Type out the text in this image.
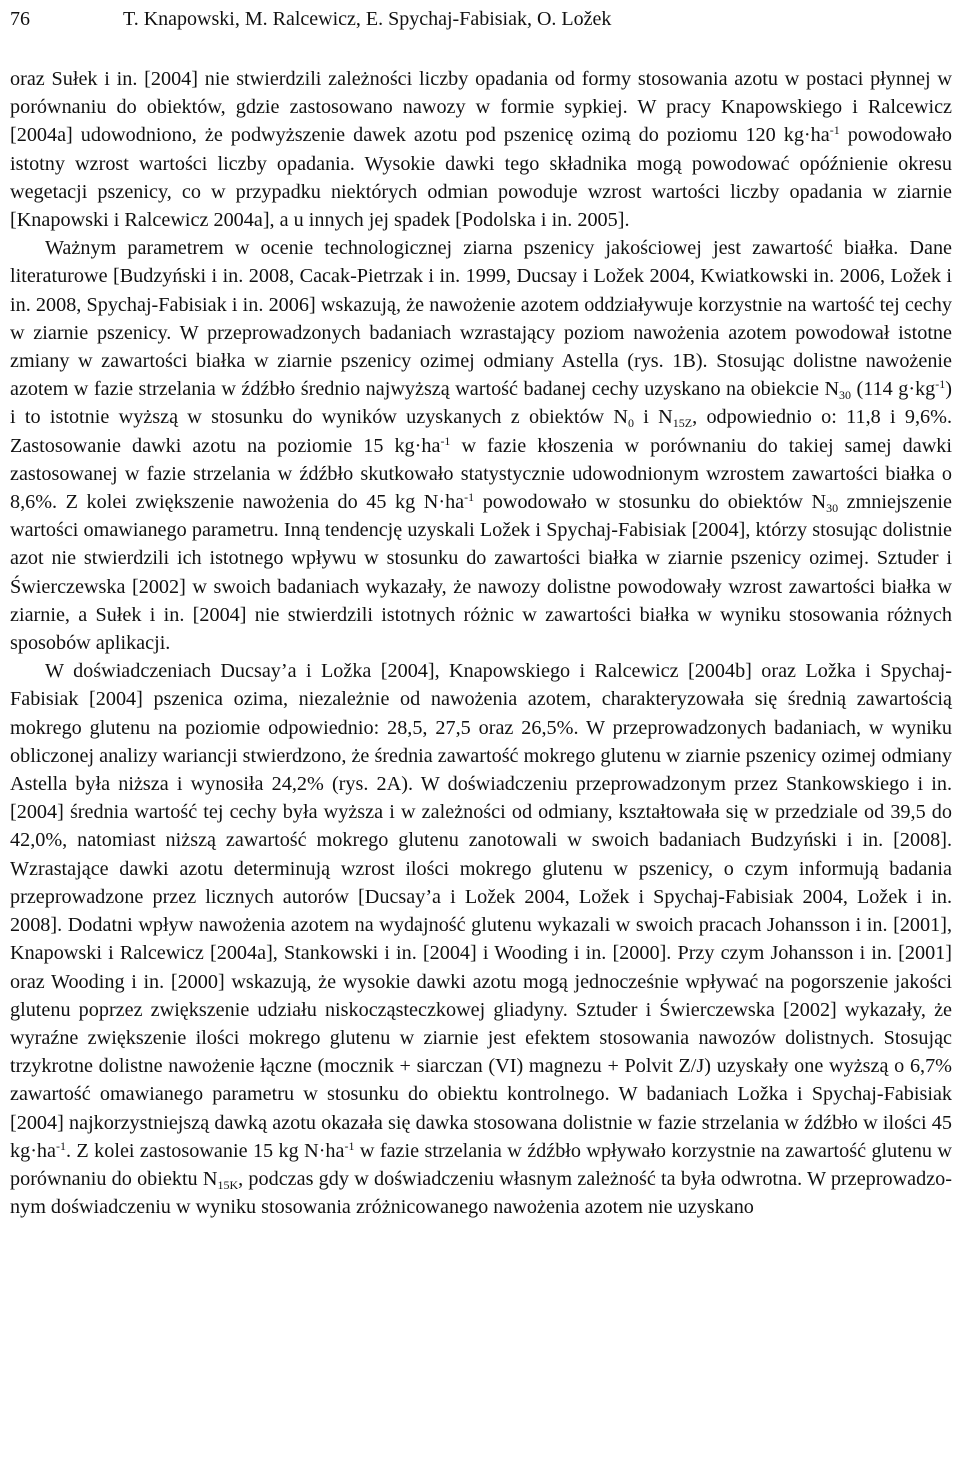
76	T. Knapowski, M. Ralcewicz, E. Spychaj-Fabisiak, O. Ložek

oraz Sułek i in. [2004] nie stwierdzili zależności liczby opadania od formy stosowania azotu w postaci płynnej w porównaniu do obiektów, gdzie zastosowano nawozy w formie sypkiej. W pracy Knapowskiego i Ralcewicz [2004a] udowodniono, że podwyższenie dawek azotu pod pszenicę ozimą do poziomu 120 $kg\cdot ha^{-1}$ powodowało istotny wzrost wartości liczby opadania. Wysokie dawki tego składnika mogą powodować opóźnienie okresu wegetacji pszenicy, co w przypadku niektórych odmian powoduje wzrost wartości liczby opadania w ziarnie [Knapowski i Ralcewicz 2004a], a u innych jej spadek [Podolska i in. 2005].

Ważnym parametrem w ocenie technologicznej ziarna pszenicy jakościowej jest zawartość białka. Dane literaturowe [Budzyński i in. 2008, Cacak-Pietrzak i in. 1999, Ducsay i Ložek 2004, Kwiatkowski in. 2006, Ložek i in. 2008, Spychaj-Fabisiak i in. 2006] wskazują, że nawożenie azotem oddziaływuje korzystnie na wartość tej cechy w ziarnie pszenicy. W przeprowadzonych badaniach wzrastający poziom nawożenia azotem powodował istotne zmiany w zawartości białka w ziarnie pszenicy ozimej odmiany Astella (rys. 1B). Stosując dolistne nawożenie azotem w fazie strzelania w źdźbło średnio najwyższą wartość badanej cechy uzyskano na obiekcie $N_{30}$ (114 $g\cdot kg^{-1}$) i to istotnie wyższą w stosunku do wyników uzyskanych z obiektów $N_0$ i $N_{15Z}$, odpowiednio o: 11,8 i 9,6%. Zastosowanie dawki azotu na poziomie 15 $kg\cdot ha^{-1}$ w fazie kłoszenia w porównaniu do takiej samej dawki zastosowanej w fazie strzelania w źdźbło skutkowało statystycznie udowodnionym wzrostem zawartości białka o 8,6%. Z kolei zwiększenie nawożenia do 45 kg $N\cdot ha^{-1}$ powodowało w stosunku do obiektów $N_{30}$ zmniejszenie wartości omawianego parametru. Inną tendencję uzyskali Ložek i Spychaj-Fabisiak [2004], którzy stosując dolistnie azot nie stwierdzili ich istotnego wpływu w stosunku do zawartości białka w ziarnie pszenicy ozimej. Sztuder i Świerczewska [2002] w swoich badaniach wykazały, że nawozy dolistne powodowały wzrost zawartości białka w ziarnie, a Sułek i in. [2004] nie stwierdzili istotnych różnic w zawartości białka w wyniku stosowania różnych sposobów aplikacji.

W doświadczeniach Ducsay’a i Ložka [2004], Knapowskiego i Ralcewicz [2004b] oraz Ložka i Spychaj-Fabisiak [2004] pszenica ozima, niezależnie od nawożenia azotem, charakteryzowała się średnią zawartością mokrego glutenu na poziomie odpowiednio: 28,5, 27,5 oraz 26,5%. W przeprowadzonych badaniach, w wyniku obliczonej analizy wariancji stwierdzono, że średnia zawartość mokrego glutenu w ziarnie pszenicy ozimej odmiany Astella była niższa i wynosiła 24,2% (rys. 2A). W doświadczeniu przeprowadzonym przez Stankowskiego i in. [2004] średnia wartość tej cechy była wyższa i w zależności od odmiany, kształtowała się w przedziale od 39,5 do 42,0%, natomiast niższą zawartość mokrego glutenu zanotowali w swoich badaniach Budzyński i in. [2008]. Wzrastające dawki azotu determinują wzrost ilości mokrego glutenu w pszenicy, o czym informują badania przeprowadzone przez licznych autorów [Ducsay’a i Ložek 2004, Ložek i Spychaj-Fabisiak 2004, Ložek i in. 2008]. Dodatni wpływ nawożenia azotem na wydajność glutenu wykazali w swoich pracach Johansson i in. [2001], Knapowski i Ralcewicz [2004a], Stankowski i in. [2004] i Wooding i in. [2000]. Przy czym Johansson i in. [2001] oraz Wooding i in. [2000] wskazują, że wysokie dawki azotu mogą jednocześnie wpływać na pogorszenie jakości glutenu poprzez zwiększenie udziału niskocząsteczkowej gliadyny. Sztuder i Świerczewska [2002] wykazały, że wyraźne zwiększenie ilości mokrego glutenu w ziarnie jest efektem stosowania nawozów dolistnych. Stosując trzykrotne dolistne nawożenie łączne (mocznik + siarczan (VI) magnezu + Polvit Z/J) uzyskały one wyższą o 6,7% zawartość omawianego parametru w stosunku do obiektu kontrolnego. W badaniach Ložka i Spychaj-Fabisiak [2004] najkorzystniejszą dawką azotu okazała się dawka stosowana dolistnie w fazie strzelania w źdźbło w ilości 45 $kg\cdot ha^{-1}$. Z kolei zastosowanie 15 kg $N\cdot ha^{-1}$ w fazie strzelania w źdźbło wpływało korzystnie na zawartość glutenu w porównaniu do obiektu $N_{15K}$, podczas gdy w doświadczeniu własnym zależność ta była odwrotna. W przeprowadzonym doświadczeniu w wyniku stosowania zróżnicowanego nawożenia azotem nie uzyskano
